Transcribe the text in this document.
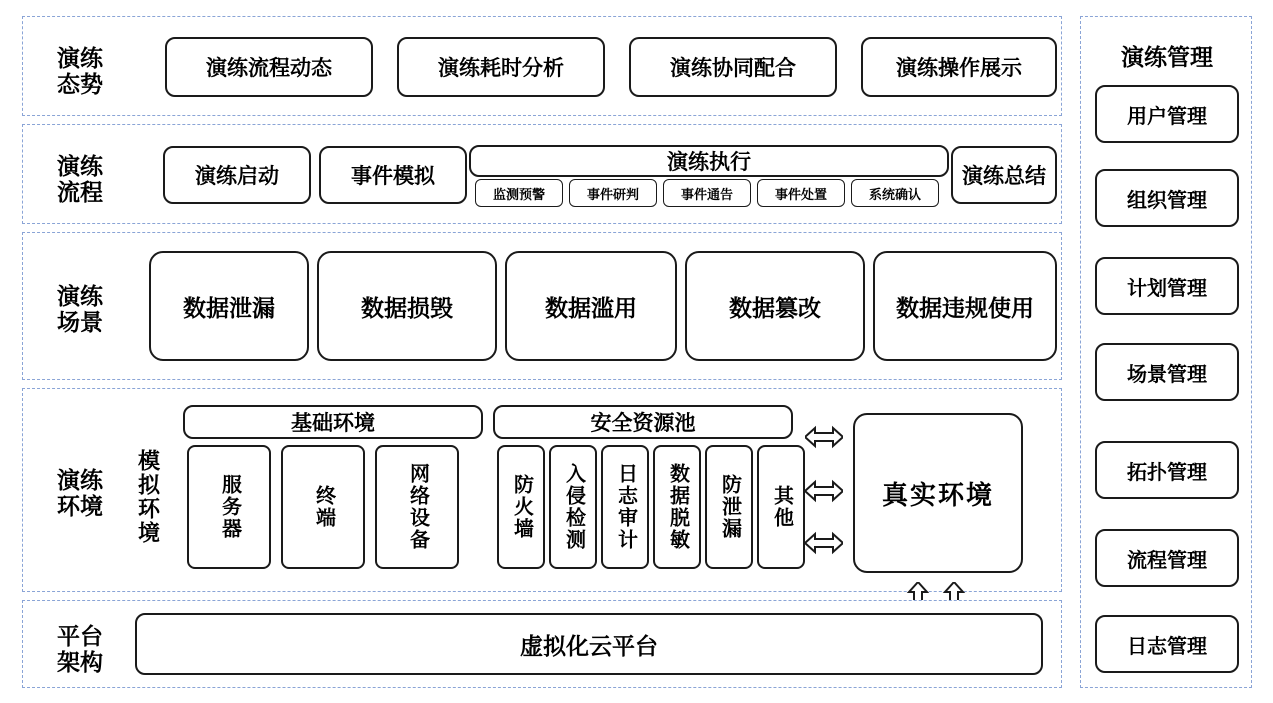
演练
态势
演练流程动态	演练耗时分析	演练协同配合	演练操作展示
演练
流程
演练启动	事件模拟
演练执行
监测预警	事件研判	事件通告	事件处置	系统确认
演练总结
演练
场景
数据泄漏	数据损毁	数据滥用	数据篡改	数据违规使用
演练
环境	模拟环境
基础环境
服务器	终端	网络设备
安全资源池
防火墙 入侵检测 日志审计 数据脱敏 防泄漏 其他	真实环境
平台
架构
虚拟化云平台
演练管理
用户管理
组织管理
计划管理
场景管理
拓扑管理
流程管理
日志管理
